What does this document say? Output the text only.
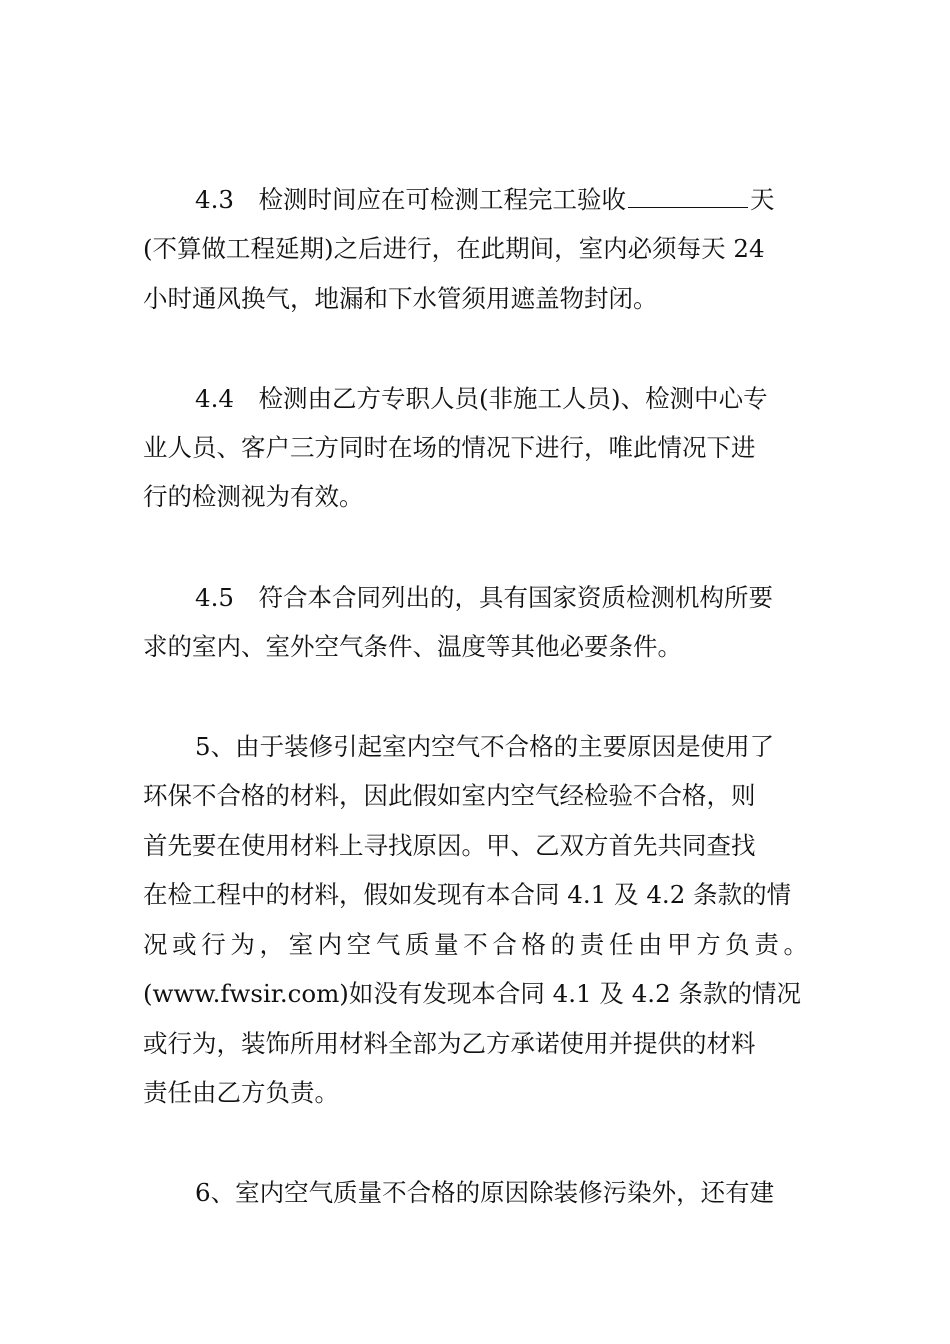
4.3　检测时间应在可检测工程完工验收	天
(不算做工程延期)之后进行，在此期间，室内必须每天 24
小时通风换气，地漏和下水管须用遮盖物封闭。
4.4　检测由乙方专职人员(非施工人员)、检测中心专
业人员、客户三方同时在场的情况下进行，唯此情况下进
行的检测视为有效。
4.5　符合本合同列出的，具有国家资质检测机构所要
求的室内、室外空气条件、温度等其他必要条件。
5、由于装修引起室内空气不合格的主要原因是使用了
环保不合格的材料，因此假如室内空气经检验不合格，则
首先要在使用材料上寻找原因。甲、乙双方首先共同查找
在检工程中的材料，假如发现有本合同 4.1 及 4.2 条款的情
况或行为，室内空气质量不合格的责任由甲方负责。
(www.fwsir.com)如没有发现本合同 4.1 及 4.2 条款的情况
或行为，装饰所用材料全部为乙方承诺使用并提供的材料
责任由乙方负责。
6、室内空气质量不合格的原因除装修污染外，还有建
